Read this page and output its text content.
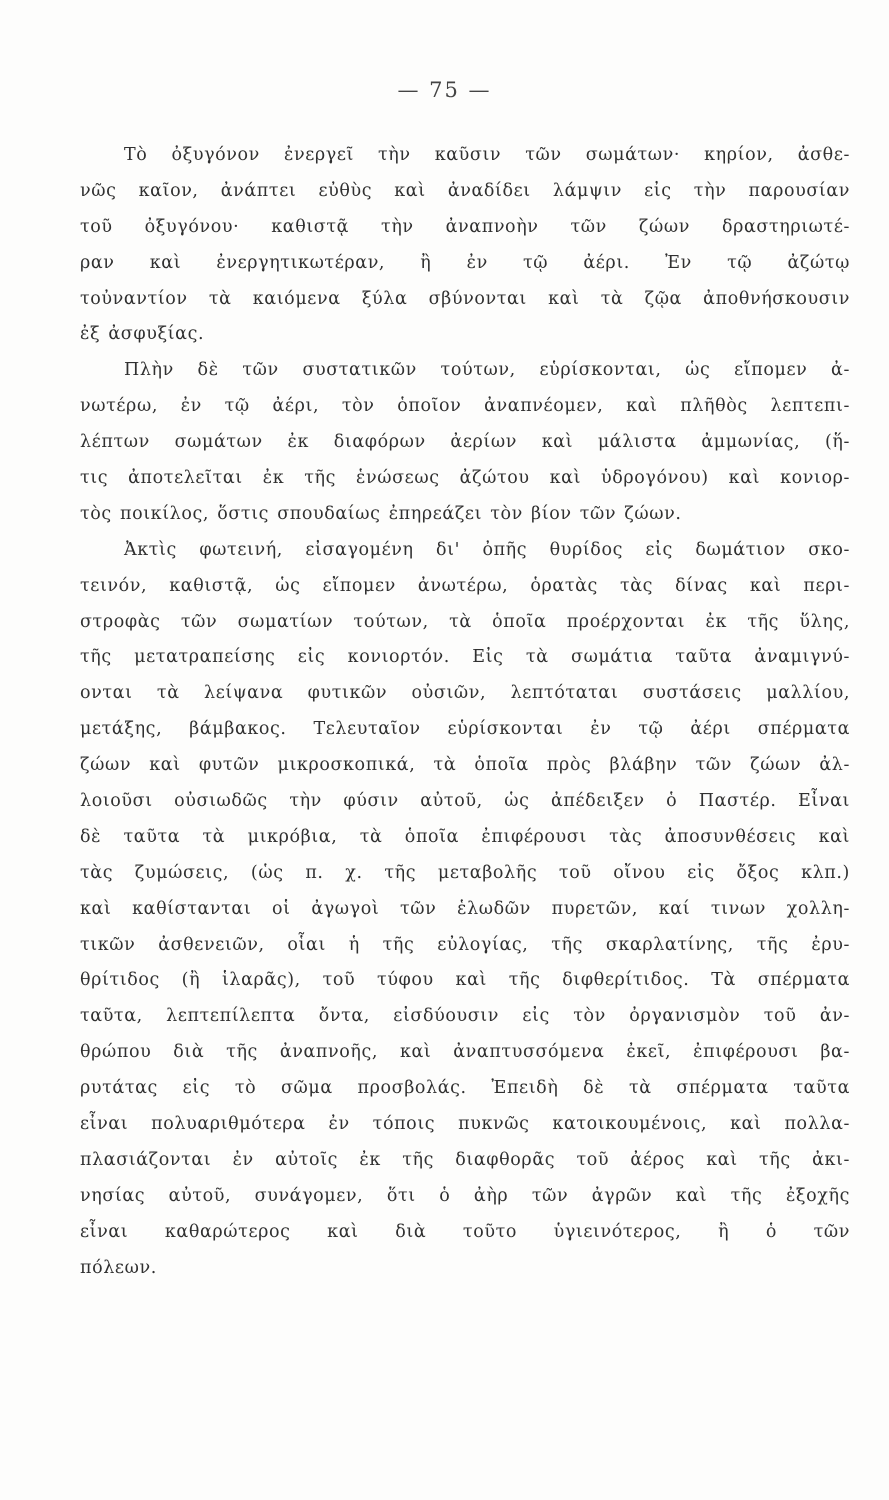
— 75 —
Τὸ ὀξυγόνον ἐνεργεῖ τὴν καῦσιν τῶν σωμάτων· κηρίον, ἀσθε-
νῶς καῖον, ἀνάπτει εὐθὺς καὶ ἀναδίδει λάμψιν εἰς τὴν παρουσίαν
τοῦ ὀξυγόνου· καθιστᾷ τὴν ἀναπνοὴν τῶν ζώων δραστηριωτέ-
ραν καὶ ἐνεργητικωτέραν, ἢ ἐν τῷ ἀέρι. Ἐν τῷ ἀζώτῳ
τοὐναντίον τὰ καιόμενα ξύλα σβύνονται καὶ τὰ ζῷα ἀποθνήσκουσιν
ἐξ ἀσφυξίας.
Πλὴν δὲ τῶν συστατικῶν τούτων, εὑρίσκονται, ὡς εἴπομεν ἀ-
νωτέρω, ἐν τῷ ἀέρι, τὸν ὁποῖον ἀναπνέομεν, καὶ πλῆθὸς λεπτεπι-
λέπτων σωμάτων ἐκ διαφόρων ἀερίων καὶ μάλιστα ἀμμωνίας, (ἥ-
τις ἀποτελεῖται ἐκ τῆς ἑνώσεως ἀζώτου καὶ ὑδρογόνου) καὶ κονιορ-
τὸς ποικίλος, ὅστις σπουδαίως ἐπηρεάζει τὸν βίον τῶν ζώων.
Ἀκτὶς φωτεινή, εἰσαγομένη δι' ὀπῆς θυρίδος εἰς δωμάτιον σκο-
τεινόν, καθιστᾷ, ὡς εἴπομεν ἀνωτέρω, ὁρατὰς τὰς δίνας καὶ περι-
στροφὰς τῶν σωματίων τούτων, τὰ ὁποῖα προέρχονται ἐκ τῆς ὕλης,
τῆς μετατραπείσης εἰς κονιορτόν. Εἰς τὰ σωμάτια ταῦτα ἀναμιγνύ-
ονται τὰ λείψανα φυτικῶν οὐσιῶν, λεπτόταται συστάσεις μαλλίου,
μετάξης, βάμβακος. Τελευταῖον εὑρίσκονται ἐν τῷ ἀέρι σπέρματα
ζώων καὶ φυτῶν μικροσκοπικά, τὰ ὁποῖα πρὸς βλάβην τῶν ζώων ἀλ-
λοιοῦσι οὐσιωδῶς τὴν φύσιν αὐτοῦ, ὡς ἀπέδειξεν ὁ Παστέρ. Εἶναι
δὲ ταῦτα τὰ μικρόβια, τὰ ὁποῖα ἐπιφέρουσι τὰς ἀποσυνθέσεις καὶ
τὰς ζυμώσεις, (ὡς π. χ. τῆς μεταβολῆς τοῦ οἴνου εἰς ὄξος κλπ.)
καὶ καθίστανται οἱ ἀγωγοὶ τῶν ἑλωδῶν πυρετῶν, καί τινων χολλη-
τικῶν ἀσθενειῶν, οἷαι ἡ τῆς εὐλογίας, τῆς σκαρλατίνης, τῆς ἐρυ-
θρίτιδος (ἢ ἱλαρᾶς), τοῦ τύφου καὶ τῆς διφθερίτιδος. Τὰ σπέρματα
ταῦτα, λεπτεπίλεπτα ὄντα, εἰσδύουσιν εἰς τὸν ὀργανισμὸν τοῦ ἀν-
θρώπου διὰ τῆς ἀναπνοῆς, καὶ ἀναπτυσσόμενα ἐκεῖ, ἐπιφέρουσι βα-
ρυτάτας εἰς τὸ σῶμα προσβολάς. Ἐπειδὴ δὲ τὰ σπέρματα ταῦτα
εἶναι πολυαριθμότερα ἐν τόποις πυκνῶς κατοικουμένοις, καὶ πολλα-
πλασιάζονται ἐν αὐτοῖς ἐκ τῆς διαφθορᾶς τοῦ ἀέρος καὶ τῆς ἀκι-
νησίας αὐτοῦ, συνάγομεν, ὅτι ὁ ἀὴρ τῶν ἀγρῶν καὶ τῆς ἐξοχῆς
εἶναι καθαρώτερος καὶ διὰ τοῦτο ὑγιεινότερος, ἢ ὁ τῶν
πόλεων.
